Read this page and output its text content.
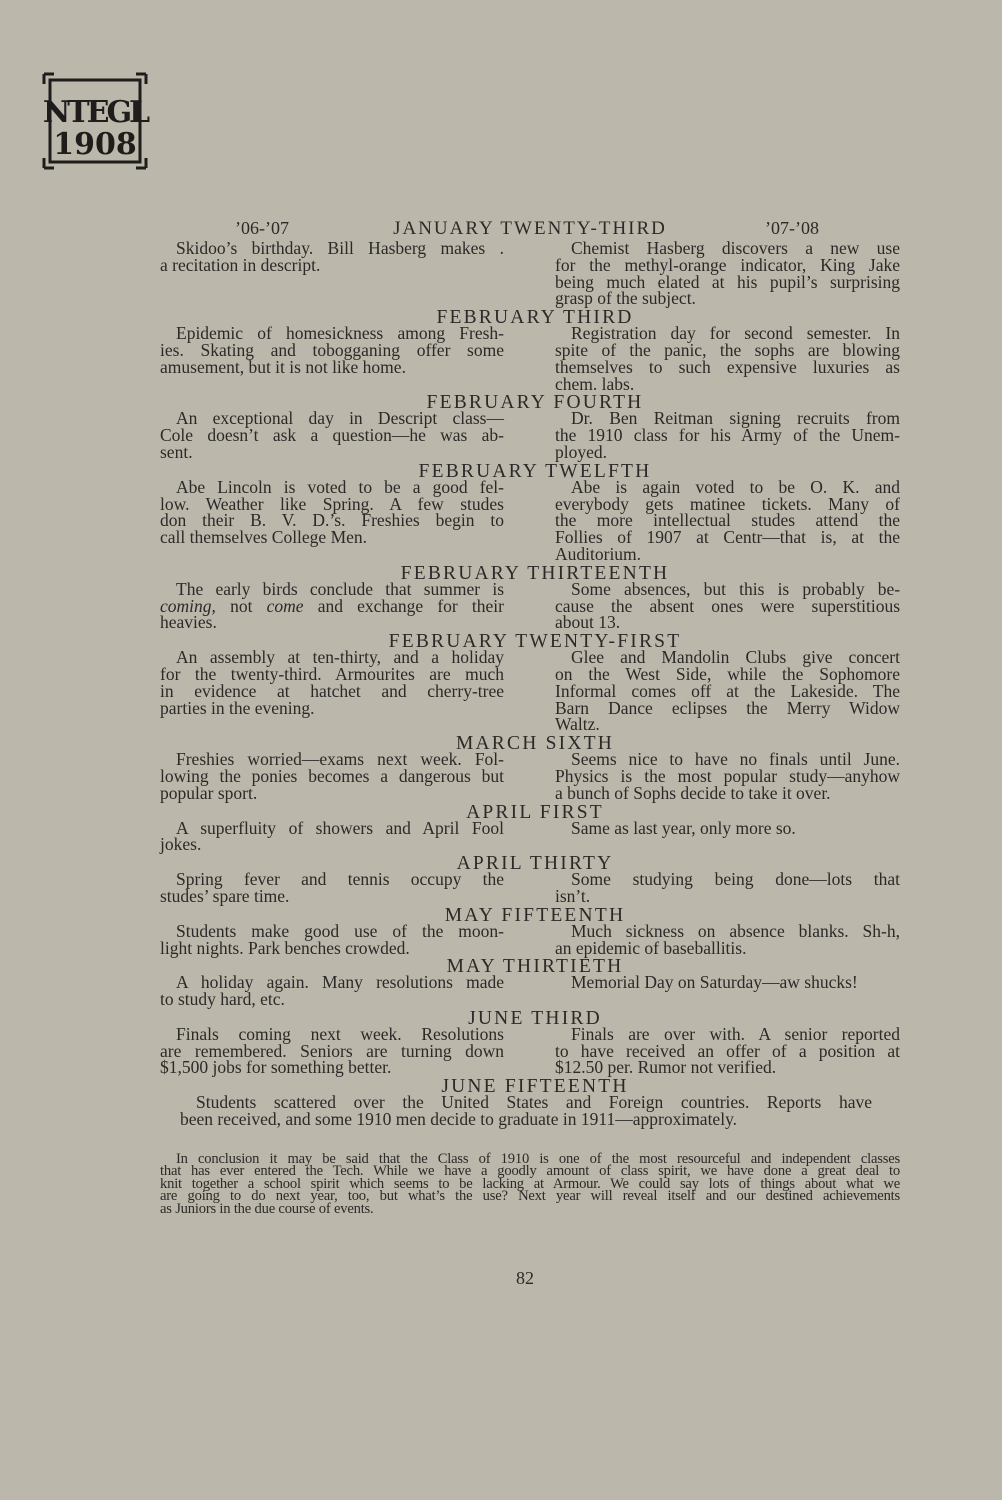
NTEGL
1908
’06-’07	JANUARY TWENTY-THIRD	’07-’08
Skidoo’s birthday. Bill Hasberg makes .
a recitation in descript.
Chemist Hasberg discovers a new use
for the methyl-orange indicator, King Jake
being much elated at his pupil’s surprising
grasp of the subject.
FEBRUARY THIRD
Epidemic of homesickness among Fresh-
ies. Skating and tobogganing offer some
amusement, but it is not like home.
Registration day for second semester. In
spite of the panic, the sophs are blowing
themselves to such expensive luxuries as
chem. labs.
FEBRUARY FOURTH
An exceptional day in Descript class—
Cole doesn’t ask a question—he was ab-
sent.
Dr. Ben Reitman signing recruits from
the 1910 class for his Army of the Unem-
ployed.
FEBRUARY TWELFTH
Abe Lincoln is voted to be a good fel-
low. Weather like Spring. A few studes
don their B. V. D.’s. Freshies begin to
call themselves College Men.
Abe is again voted to be O. K. and
everybody gets matinee tickets. Many of
the more intellectual studes attend the
Follies of 1907 at Centr—that is, at the
Auditorium.
FEBRUARY THIRTEENTH
The early birds conclude that summer is
coming, not come and exchange for their
heavies.
Some absences, but this is probably be-
cause the absent ones were superstitious
about 13.
FEBRUARY TWENTY-FIRST
An assembly at ten-thirty, and a holiday
for the twenty-third. Armourites are much
in evidence at hatchet and cherry-tree
parties in the evening.
Glee and Mandolin Clubs give concert
on the West Side, while the Sophomore
Informal comes off at the Lakeside. The
Barn Dance eclipses the Merry Widow
Waltz.
MARCH SIXTH
Freshies worried—exams next week. Fol-
lowing the ponies becomes a dangerous but
popular sport.
Seems nice to have no finals until June.
Physics is the most popular study—anyhow
a bunch of Sophs decide to take it over.
APRIL FIRST
A superfluity of showers and April Fool
jokes.
Same as last year, only more so.
APRIL THIRTY
Spring fever and tennis occupy the
studes’ spare time.
Some studying being done—lots that
isn’t.
MAY FIFTEENTH
Students make good use of the moon-
light nights. Park benches crowded.
Much sickness on absence blanks. Sh-h,
an epidemic of baseballitis.
MAY THIRTIETH
A holiday again. Many resolutions made
to study hard, etc.
Memorial Day on Saturday—aw shucks!
JUNE THIRD
Finals coming next week. Resolutions
are remembered. Seniors are turning down
$1,500 jobs for something better.
Finals are over with. A senior reported
to have received an offer of a position at
$12.50 per. Rumor not verified.
JUNE FIFTEENTH
Students scattered over the United States and Foreign countries. Reports have
been received, and some 1910 men decide to graduate in 1911—approximately.
In conclusion it may be said that the Class of 1910 is one of the most resourceful and independent classes
that has ever entered the Tech. While we have a goodly amount of class spirit, we have done a great deal to
knit together a school spirit which seems to be lacking at Armour. We could say lots of things about what we
are going to do next year, too, but what’s the use? Next year will reveal itself and our destined achievements
as Juniors in the due course of events.
82
